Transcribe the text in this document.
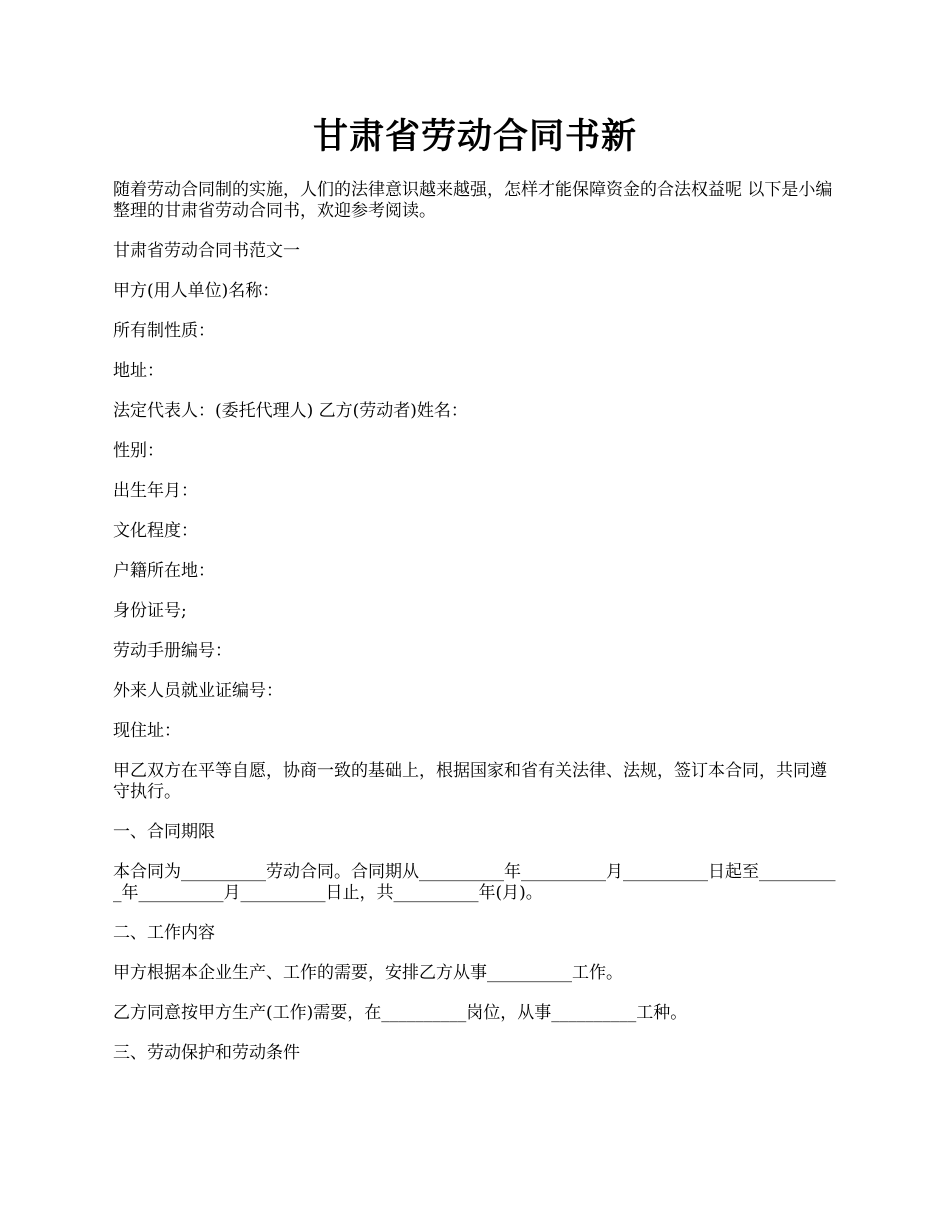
甘肃省劳动合同书新

随着劳动合同制的实施，人们的法律意识越来越强，怎样才能保障资金的合法权益呢 以下是小编整理的甘肃省劳动合同书，欢迎参考阅读。

甘肃省劳动合同书范文一

甲方(用人单位)名称：

所有制性质：

地址：

法定代表人：(委托代理人) 乙方(劳动者)姓名：

性别：

出生年月：

文化程度：

户籍所在地：

身份证号;

劳动手册编号：

外来人员就业证编号：

现住址：

甲乙双方在平等自愿，协商一致的基础上，根据国家和省有关法律、法规，签订本合同，共同遵守执行。

一、合同期限

本合同为__________劳动合同。合同期从__________年__________月__________日起至__________年__________月__________日止，共__________年(月)。

二、工作内容

甲方根据本企业生产、工作的需要，安排乙方从事__________工作。

乙方同意按甲方生产(工作)需要，在__________岗位，从事__________工种。

三、劳动保护和劳动条件
